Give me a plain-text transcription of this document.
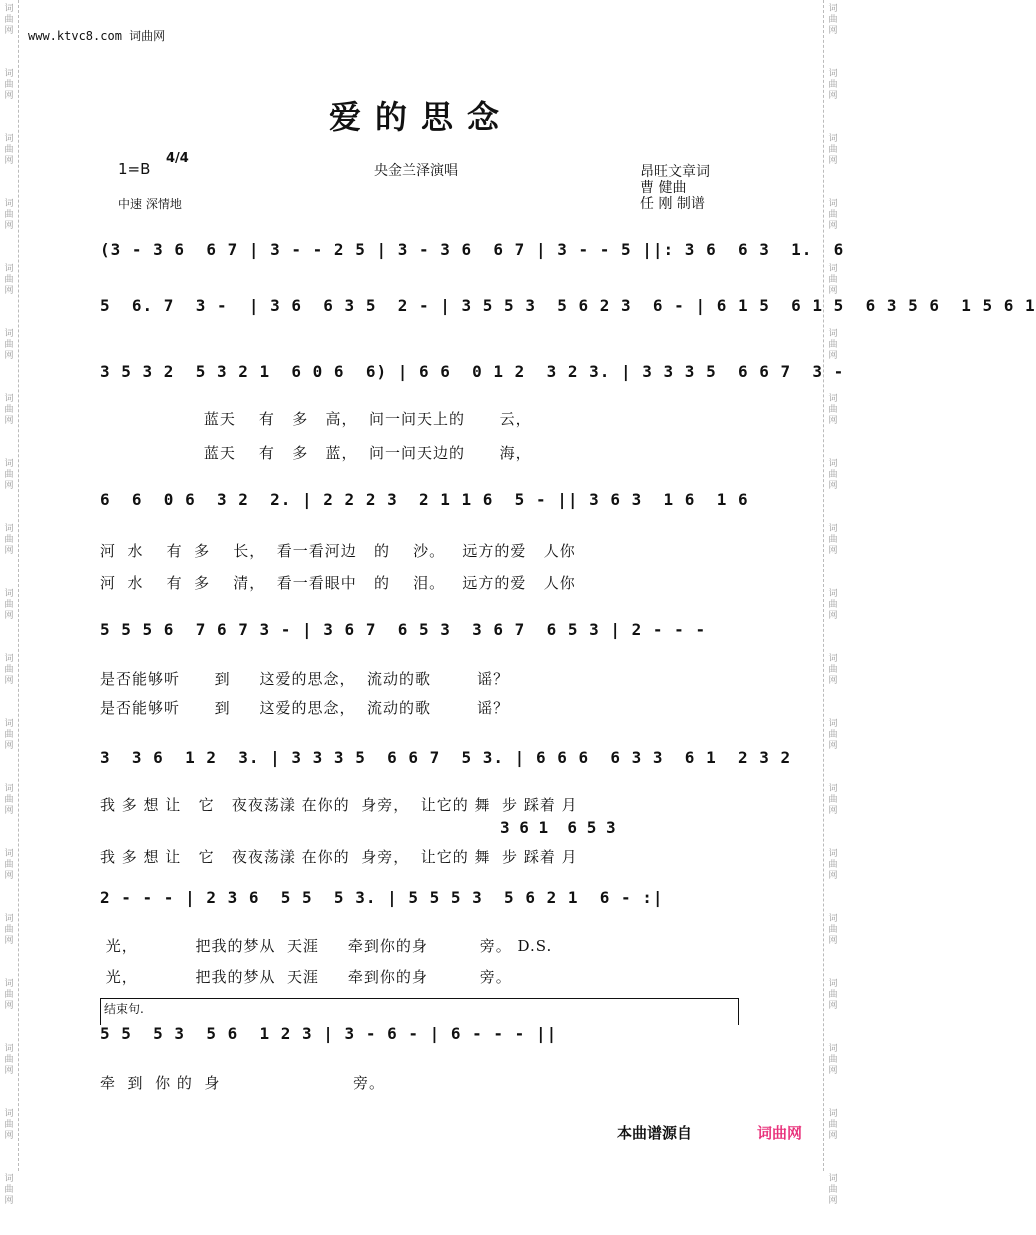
词
曲
网
词
曲
网
词
曲
网
词
曲
网
词
曲
网
词
曲
网
词
曲
网
词
曲
网
词
曲
网
词
曲
网
词
曲
网
词
曲
网
词
曲
网
词
曲
网
词
曲
网
词
曲
网
词
曲
网
词
曲
网
词
曲
网
词
曲
网
词
曲
网
词
曲
网
词
曲
网
词
曲
网
词
曲
网
词
曲
网
词
曲
网
词
曲
网
词
曲
网
词
曲
网
词
曲
网
词
曲
网
词
曲
网
词
曲
网
词
曲
网
词
曲
网
词
曲
网
词
曲
网
www.ktvc8.com 词曲网
爱的思念
1=B
4/4
中速 深情地
央金兰泽演唱	昂旺文章词
曹 健曲
任 刚 制谱
(3 - 3 6  6 7 | 3 - - 2 5 | 3 - 3 6  6 7 | 3 - - 5 ||: 3 6  6 3  1.  6
5  6. 7  3 -  | 3 6  6 3 5  2 - | 3 5 5 3  5 6 2 3  6 - | 6 1 5  6 1 5  6 3 5 6  1 5 6 1
3 5 3 2  5 3 2 1  6 0 6  6) | 6 6  0 1 2  3 2 3. | 3 3 3 5  6 6 7  3 -
6  6  0 6  3 2  2. | 2 2 2 3  2 1 1 6  5 - || 3 6 3  1 6  1 6
5 5 5 6  7 6 7 3 - | 3 6 7  6 5 3  3 6 7  6 5 3 | 2 - - -
3  3 6  1 2  3. | 3 3 3 5  6 6 7  5 3. | 6 6 6  6 3 3  6 1  2 3 2
2 - - - | 2 3 6  5 5  5 3. | 5 5 5 3  5 6 2 1  6 - :|
5 5  5 3  5 6  1 2 3 | 3 - 6 - | 6 - - - ||
3 6 1  6 5 3
蓝天    有   多   高，  问一问天上的      云，
蓝天    有   多   蓝，  问一问天边的      海，
河  水    有  多    长，  看一看河边   的    沙。   远方的爱   人你
河  水    有  多    清，  看一看眼中   的    泪。   远方的爱   人你
是否能够听      到     这爱的思念，  流动的歌        谣？
是否能够听      到     这爱的思念，  流动的歌        谣？
我 多 想 让   它   夜夜荡漾 在你的  身旁，  让它的 舞  步 踩着 月
我 多 想 让   它   夜夜荡漾 在你的  身旁，  让它的 舞  步 踩着 月
光，          把我的梦从  天涯     牵到你的身         旁。 D.S.
光，          把我的梦从  天涯     牵到你的身         旁。
牵  到  你 的  身                       旁。
结束句.
本曲谱源自	词曲网
